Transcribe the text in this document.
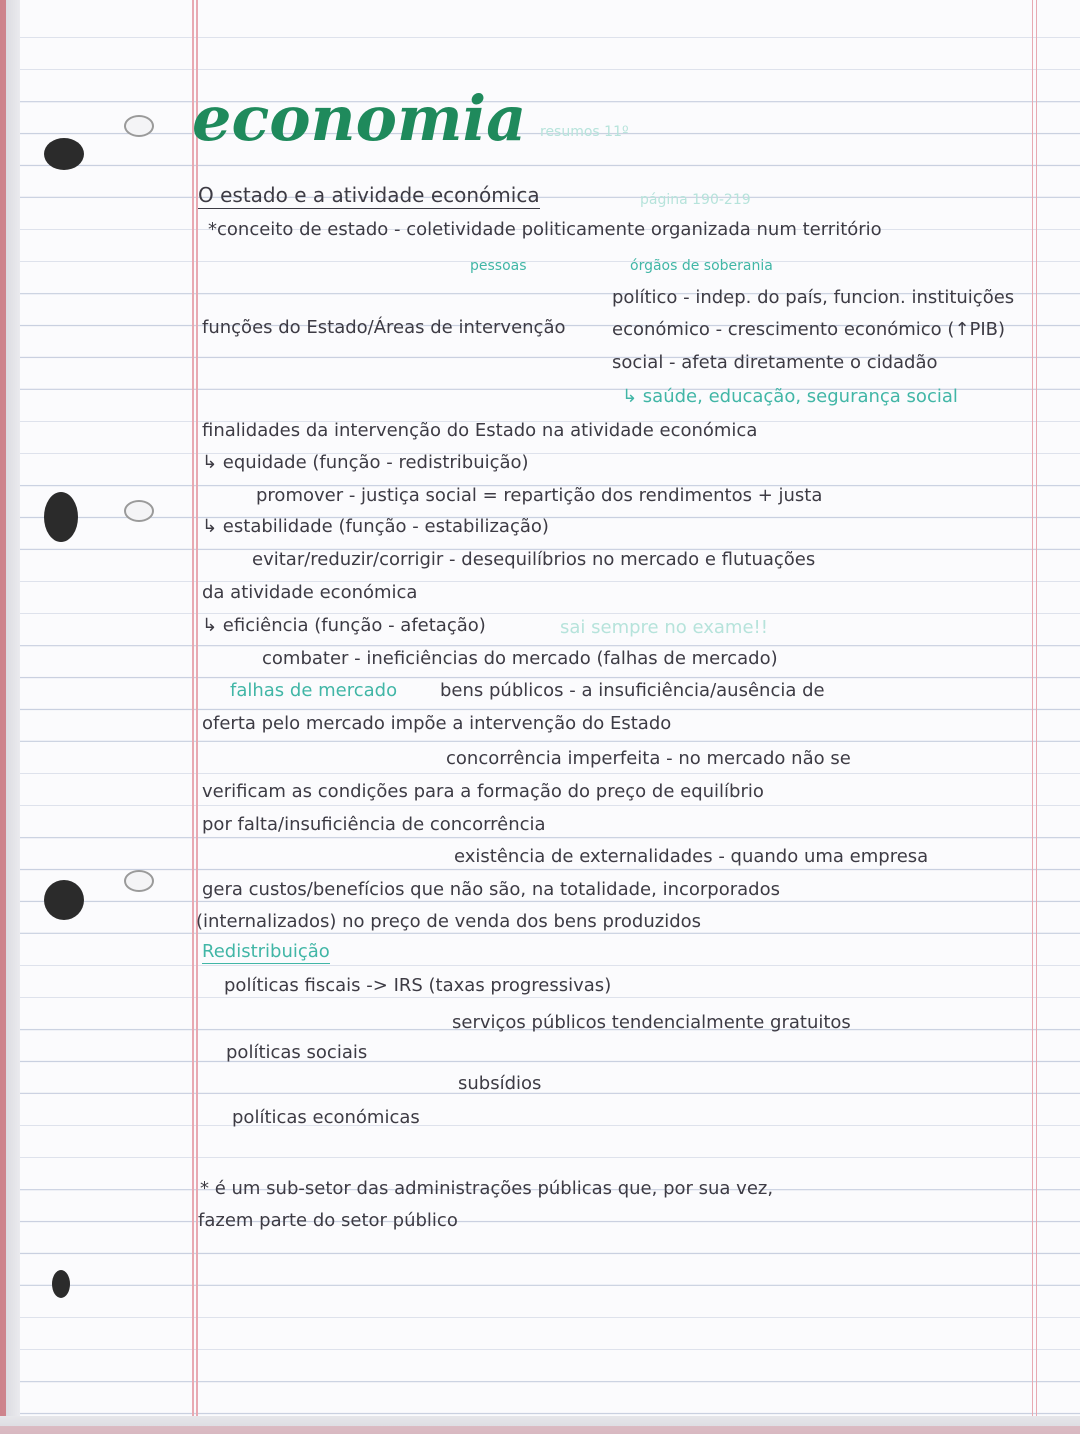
economia resumos 11º
O estado e a atividade económica	página 190-219
*conceito de estado - coletividade politicamente organizada num território
pessoas	órgãos de soberania
funções do Estado/Áreas de intervenção
político - indep. do país, funcion. instituições
económico - crescimento económico (↑PIB)
social - afeta diretamente o cidadão
↳ saúde, educação, segurança social
finalidades da intervenção do Estado na atividade económica
↳ equidade (função - redistribuição)
promover - justiça social = repartição dos rendimentos + justa
↳ estabilidade (função - estabilização)
evitar/reduzir/corrigir - desequilíbrios no mercado e flutuações
da atividade económica
↳ eficiência (função - afetação)	sai sempre no exame!!
combater - ineficiências do mercado (falhas de mercado)
falhas de mercado bens públicos - a insuficiência/ausência de
oferta pelo mercado impõe a intervenção do Estado
concorrência imperfeita - no mercado não se
verificam as condições para a formação do preço de equilíbrio
por falta/insuficiência de concorrência
existência de externalidades - quando uma empresa
gera custos/benefícios que não são, na totalidade, incorporados
(internalizados) no preço de venda dos bens produzidos
Redistribuição
políticas fiscais -> IRS (taxas progressivas)
serviços públicos tendencialmente gratuitos
políticas sociais
subsídios
políticas económicas
* é um sub-setor das administrações públicas que, por sua vez,
fazem parte do setor público
